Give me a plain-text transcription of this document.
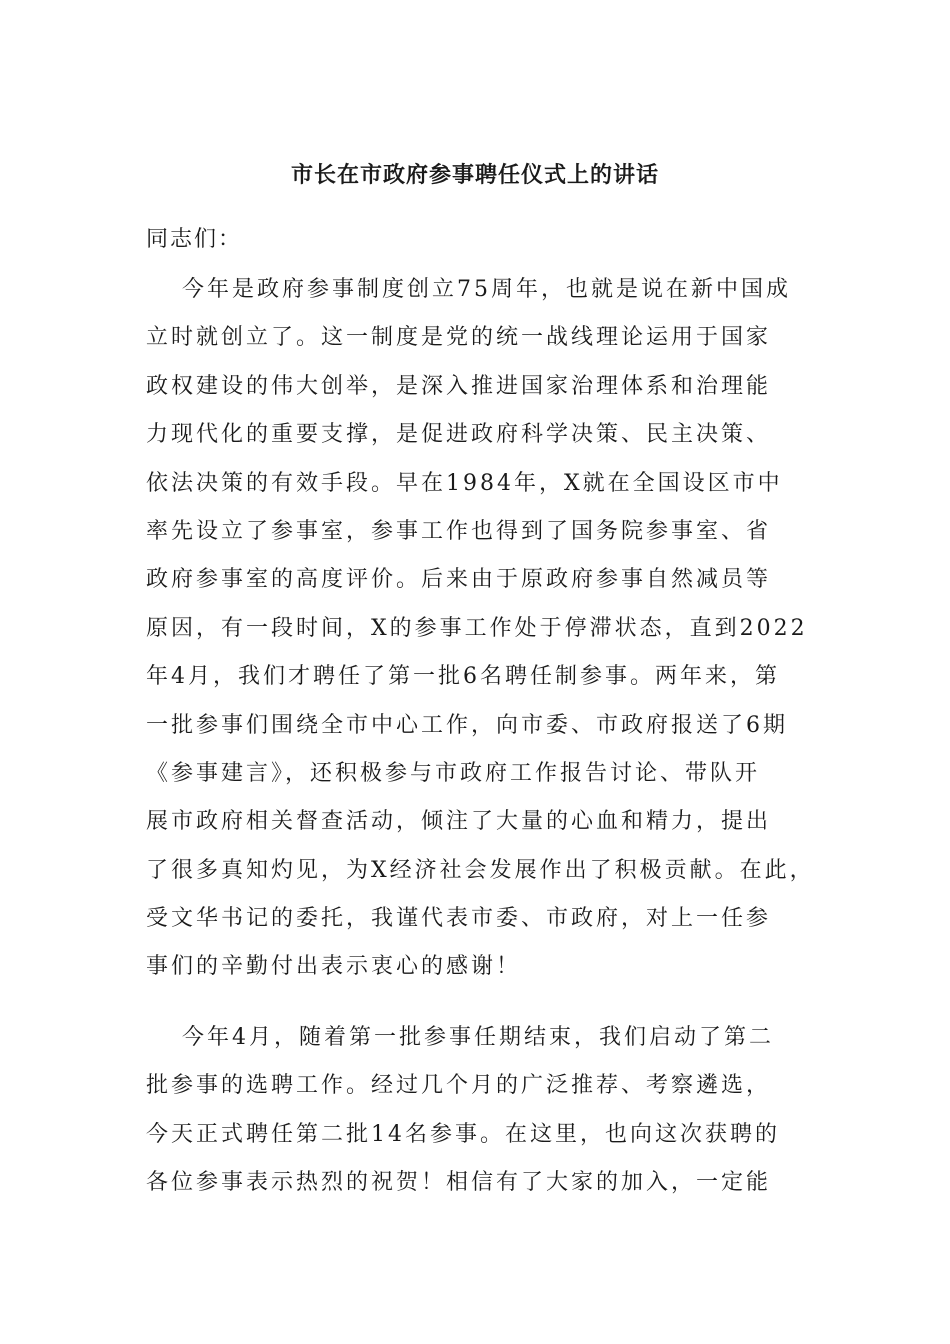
市长在市政府参事聘任仪式上的讲话
同志们：
今年是政府参事制度创立75周年，也就是说在新中国成
立时就创立了。这一制度是党的统一战线理论运用于国家
政权建设的伟大创举，是深入推进国家治理体系和治理能
力现代化的重要支撑，是促进政府科学决策、民主决策、
依法决策的有效手段。早在1984年，X就在全国设区市中
率先设立了参事室，参事工作也得到了国务院参事室、省
政府参事室的高度评价。后来由于原政府参事自然减员等
原因，有一段时间，X的参事工作处于停滞状态，直到2022
年4月，我们才聘任了第一批6名聘任制参事。两年来，第
一批参事们围绕全市中心工作，向市委、市政府报送了6期
《参事建言》，还积极参与市政府工作报告讨论、带队开
展市政府相关督查活动，倾注了大量的心血和精力，提出
了很多真知灼见，为X经济社会发展作出了积极贡献。在此，
受文华书记的委托，我谨代表市委、市政府，对上一任参
事们的辛勤付出表示衷心的感谢！
今年4月，随着第一批参事任期结束，我们启动了第二
批参事的选聘工作。经过几个月的广泛推荐、考察遴选，
今天正式聘任第二批14名参事。在这里，也向这次获聘的
各位参事表示热烈的祝贺！相信有了大家的加入，一定能
